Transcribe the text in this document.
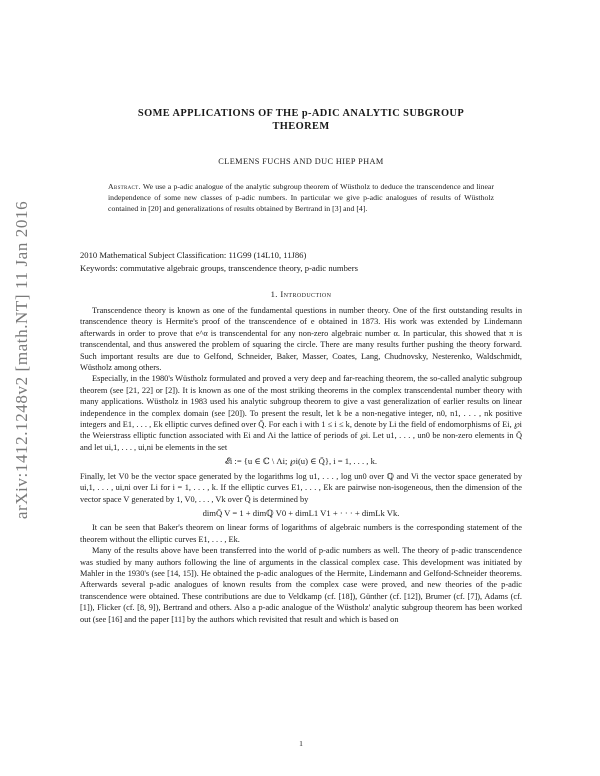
arXiv:1412.1248v2 [math.NT] 11 Jan 2016
SOME APPLICATIONS OF THE p-ADIC ANALYTIC SUBGROUP
THEOREM
CLEMENS FUCHS AND DUC HIEP PHAM
Abstract. We use a p-adic analogue of the analytic subgroup theorem of Wüstholz to deduce the transcendence and linear independence of some new classes of p-adic numbers. In particular we give p-adic analogues of results of Wüstholz contained in [20] and generalizations of results obtained by Bertrand in [3] and [4].
2010 Mathematical Subject Classification: 11G99 (14L10, 11J86)
Keywords: commutative algebraic groups, transcendence theory, p-adic numbers
1. Introduction

Transcendence theory is known as one of the fundamental questions in number theory. One of the first outstanding results in transcendence theory is Hermite's proof of the transcendence of e obtained in 1873. His work was extended by Lindemann afterwards in order to prove that e^α is transcendental for any non-zero algebraic number α. In particular, this showed that π is transcendental, and thus answered the problem of squaring the circle. There are many results further pushing the theory forward. Such important results are due to Gelfond, Schneider, Baker, Masser, Coates, Lang, Chudnovsky, Nesterenko, Waldschmidt, Wüstholz among others.

Especially, in the 1980's Wüstholz formulated and proved a very deep and far-reaching theorem, the so-called analytic subgroup theorem (see [21, 22] or [2]). It is known as one of the most striking theorems in the complex transcendental number theory with many applications. Wüstholz in 1983 used his analytic subgroup theorem to give a vast generalization of earlier results on linear independence in the complex domain (see [20]). To present the result, let k be a non-negative integer, n0, n1, . . . , nk positive integers and E1, . . . , Ek elliptic curves defined over Q̄. For each i with 1 ≤ i ≤ k, denote by Li the field of endomorphisms of Ei, ℘i the Weierstrass elliptic function associated with Ei and Λi the lattice of periods of ℘i. Let u1, . . . , un0 be non-zero elements in Q̄ and let ui,1, . . . , ui,ni be elements in the set

𝓔i := {u ∈ ℂ \ Λi; ℘i(u) ∈ Q̄}, i = 1, . . . , k.

Finally, let V0 be the vector space generated by the logarithms log u1, . . . , log un0 over ℚ and Vi the vector space generated by ui,1, . . . , ui,ni over Li for i = 1, . . . , k. If the elliptic curves E1, . . . , Ek are pairwise non-isogeneous, then the dimension of the vector space V generated by 1, V0, . . . , Vk over Q̄ is determined by

dimQ̄ V = 1 + dimℚ V0 + dimL1 V1 + · · · + dimLk Vk.

It can be seen that Baker's theorem on linear forms of logarithms of algebraic numbers is the corresponding statement of the theorem without the elliptic curves E1, . . . , Ek.

Many of the results above have been transferred into the world of p-adic numbers as well. The theory of p-adic transcendence was studied by many authors following the line of arguments in the classical complex case. This development was initiated by Mahler in the 1930's (see [14, 15]). He obtained the p-adic analogues of the Hermite, Lindemann and Gelfond-Schneider theorems. Afterwards several p-adic analogues of known results from the complex case were proved, and new theories of the p-adic transcendence were obtained. These contributions are due to Veldkamp (cf. [18]), Günther (cf. [12]), Brumer (cf. [7]), Adams (cf. [1]), Flicker (cf. [8, 9]), Bertrand and others. Also a p-adic analogue of the Wüstholz' analytic subgroup theorem has been worked out (see [16] and the paper [11] by the authors which revisited that result and which is based on

1
